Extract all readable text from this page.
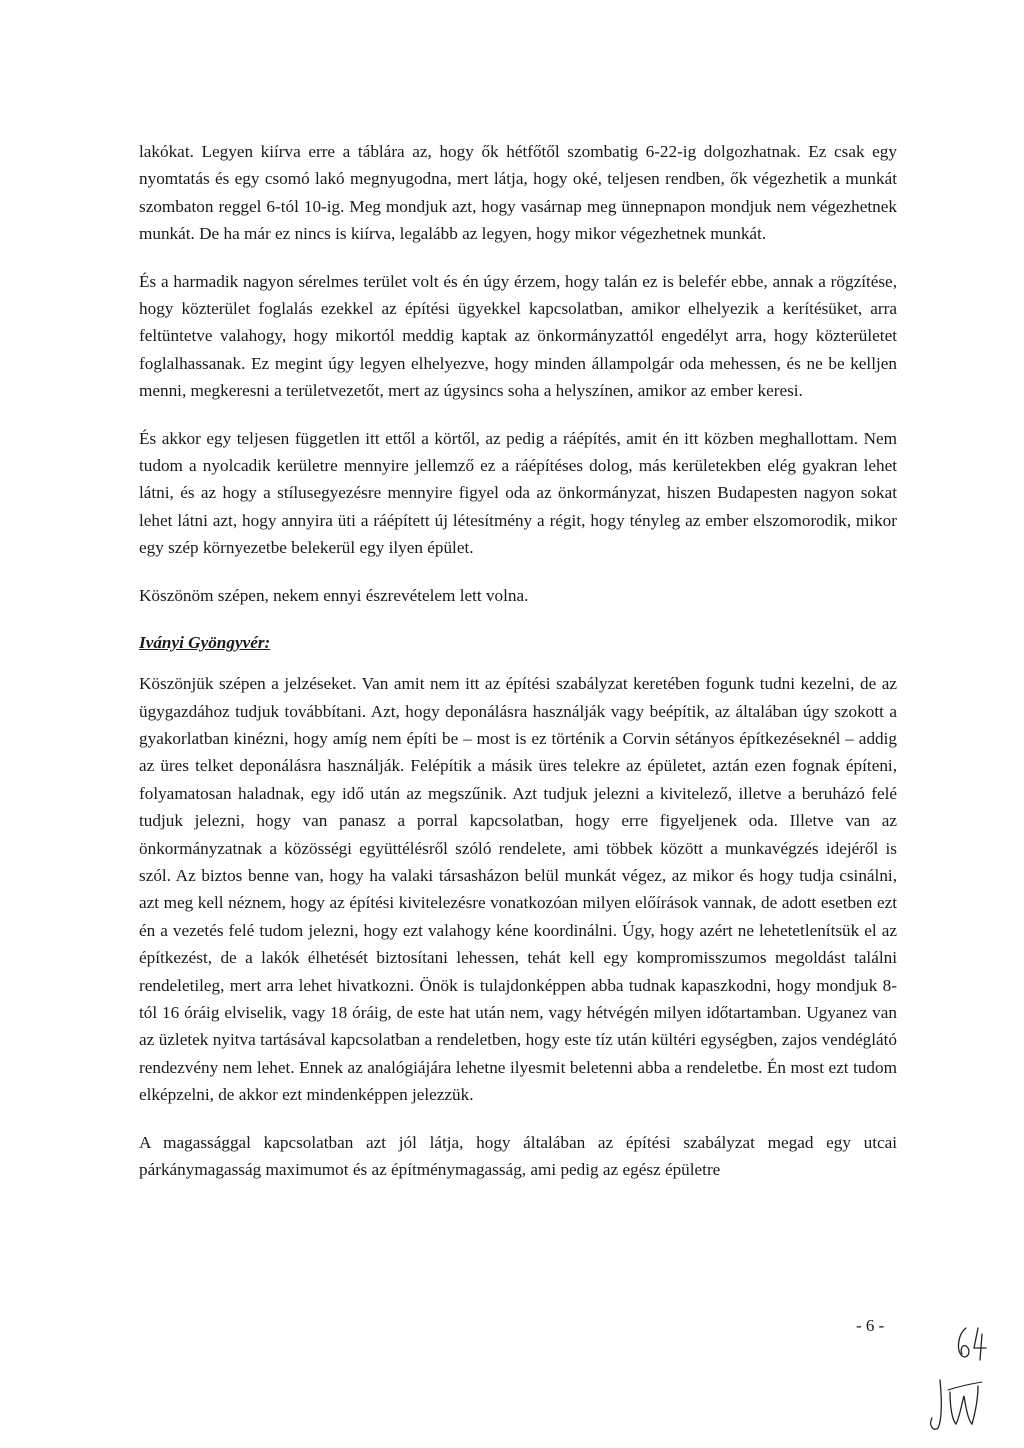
lakókat. Legyen kiírva erre a táblára az, hogy ők hétfőtől szombatig 6-22-ig dolgozhatnak. Ez csak egy nyomtatás és egy csomó lakó megnyugodna, mert látja, hogy oké, teljesen rendben, ők végezhetik a munkát szombaton reggel 6-tól 10-ig. Meg mondjuk azt, hogy vasárnap meg ünnepnapon mondjuk nem végezhetnek munkát. De ha már ez nincs is kiírva, legalább az legyen, hogy mikor végezhetnek munkát.

És a harmadik nagyon sérelmes terület volt és én úgy érzem, hogy talán ez is belefér ebbe, annak a rögzítése, hogy közterület foglalás ezekkel az építési ügyekkel kapcsolatban, amikor elhelyezik a kerítésüket, arra feltüntetve valahogy, hogy mikortól meddig kaptak az önkormányzattól engedélyt arra, hogy közterületet foglalhassanak. Ez megint úgy legyen elhelyezve, hogy minden állampolgár oda mehessen, és ne be kelljen menni, megkeresni a területvezetőt, mert az úgysincs soha a helyszínen, amikor az ember keresi.

És akkor egy teljesen független itt ettől a körtől, az pedig a ráépítés, amit én itt közben meghallottam. Nem tudom a nyolcadik kerületre mennyire jellemző ez a ráépítéses dolog, más kerületekben elég gyakran lehet látni, és az hogy a stílusegyezésre mennyire figyel oda az önkormányzat, hiszen Budapesten nagyon sokat lehet látni azt, hogy annyira üti a ráépített új létesítmény a régit, hogy tényleg az ember elszomorodik, mikor egy szép környezetbe belekerül egy ilyen épület.

Köszönöm szépen, nekem ennyi észrevételem lett volna.

Iványi Gyöngyvér:

Köszönjük szépen a jelzéseket. Van amit nem itt az építési szabályzat keretében fogunk tudni kezelni, de az ügygazdához tudjuk továbbítani. Azt, hogy deponálásra használják vagy beépítik, az általában úgy szokott a gyakorlatban kinézni, hogy amíg nem építi be – most is ez történik a Corvin sétányos építkezéseknél – addig az üres telket deponálásra használják. Felépítik a másik üres telekre az épületet, aztán ezen fognak építeni, folyamatosan haladnak, egy idő után az megszűnik. Azt tudjuk jelezni a kivitelező, illetve a beruházó felé tudjuk jelezni, hogy van panasz a porral kapcsolatban, hogy erre figyeljenek oda. Illetve van az önkormányzatnak a közösségi együttélésről szóló rendelete, ami többek között a munkavégzés idejéről is szól. Az biztos benne van, hogy ha valaki társasházon belül munkát végez, az mikor és hogy tudja csinálni, azt meg kell néznem, hogy az építési kivitelezésre vonatkozóan milyen előírások vannak, de adott esetben ezt én a vezetés felé tudom jelezni, hogy ezt valahogy kéne koordinálni. Úgy, hogy azért ne lehetetlenítsük el az építkezést, de a lakók élhetését biztosítani lehessen, tehát kell egy kompromisszumos megoldást találni rendeletileg, mert arra lehet hivatkozni. Önök is tulajdonképpen abba tudnak kapaszkodni, hogy mondjuk 8-tól 16 óráig elviselik, vagy 18 óráig, de este hat után nem, vagy hétvégén milyen időtartamban. Ugyanez van az üzletek nyitva tartásával kapcsolatban a rendeletben, hogy este tíz után kültéri egységben, zajos vendéglátó rendezvény nem lehet. Ennek az analógiájára lehetne ilyesmit beletenni abba a rendeletbe. Én most ezt tudom elképzelni, de akkor ezt mindenképpen jelezzük.

A magassággal kapcsolatban azt jól látja, hogy általában az építési szabályzat megad egy utcai párkánymagasság maximumot és az építménymagasság, ami pedig az egész épületre

- 6 -
